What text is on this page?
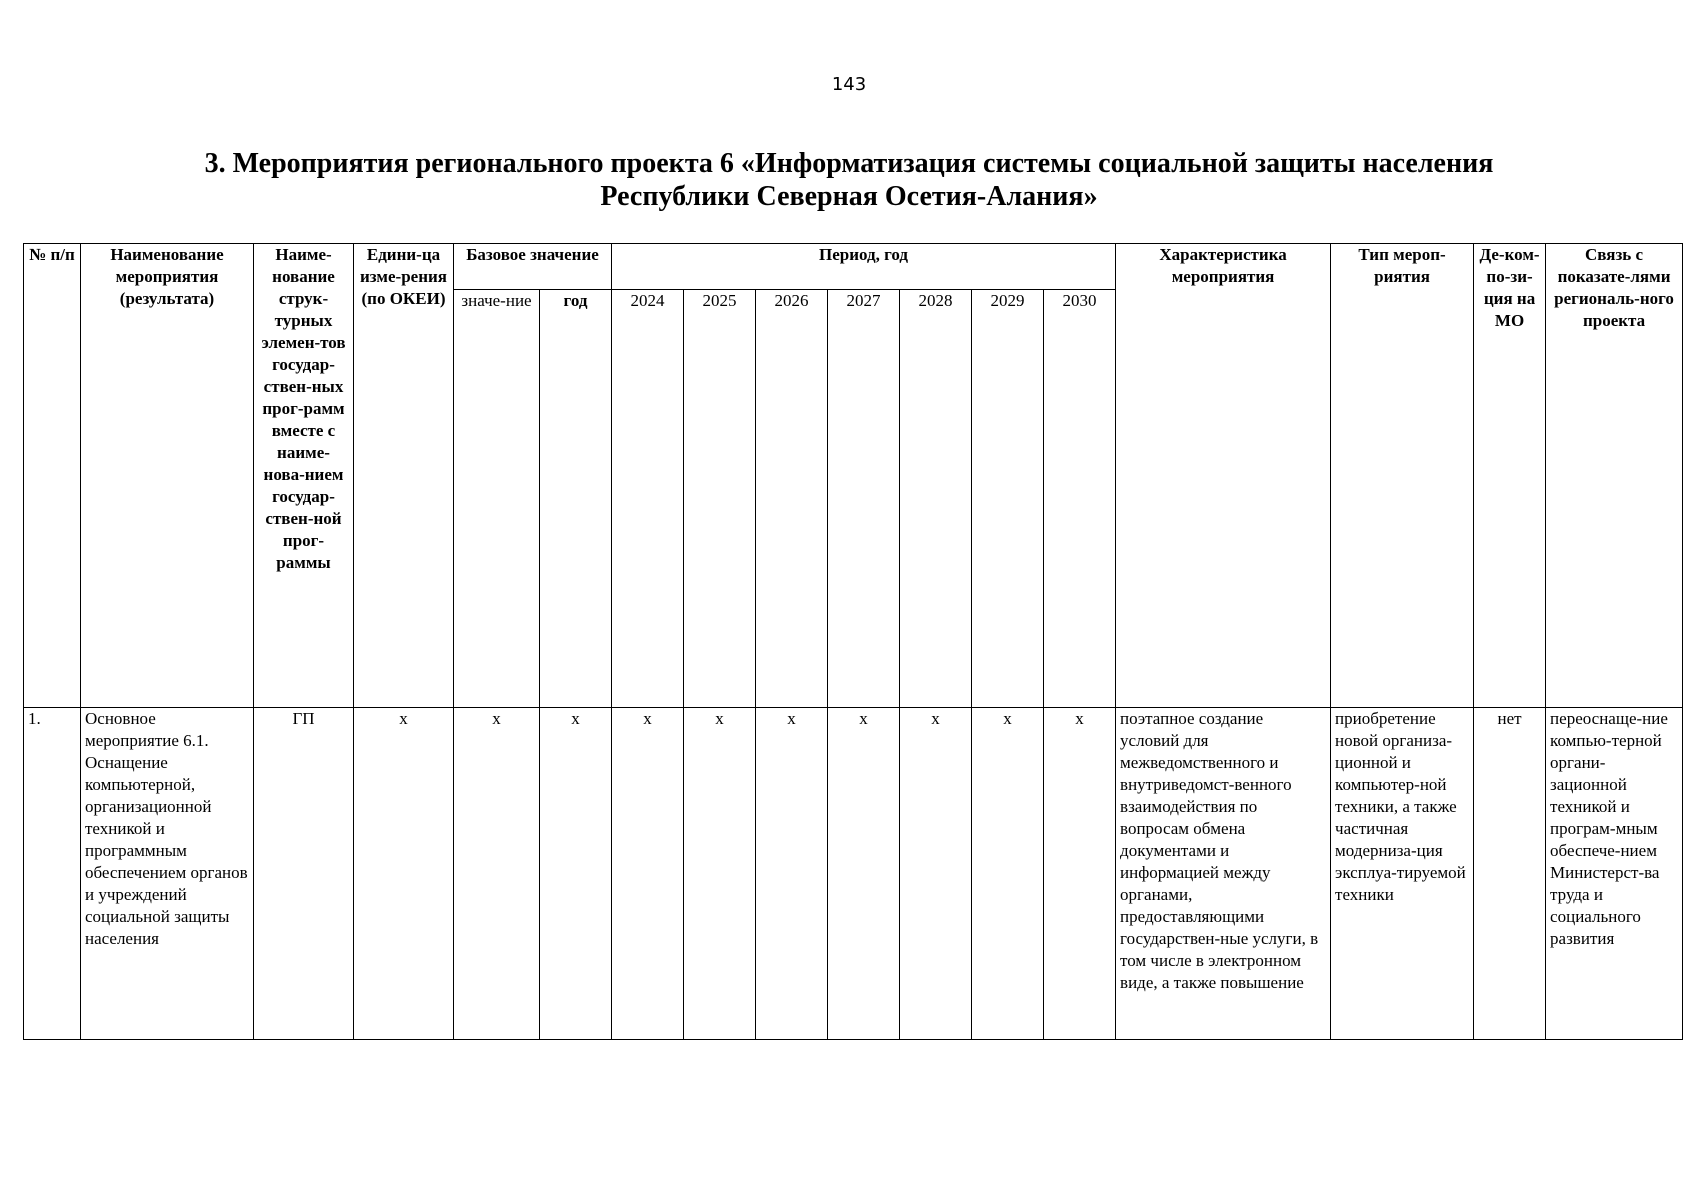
143
3. Мероприятия регионального проекта 6 «Информатизация системы социальной защиты населения
Республики Северная Осетия-Алания»
№ п/п	Наименование мероприятия (результата)	Наиме-нование струк-турных элемен-тов государ-ствен-ных прог-рамм вместе с наиме-нова-нием государ-ствен-ной прог-раммы	Едини-ца изме-рения (по ОКЕИ)	Базовое значение		Период, год							Характеристика мероприятия	Тип мероп-риятия	Де-ком-по-зи-ция на МО	Связь с показате-лями региональ-ного проекта
				значе-ние	год	2024	2025	2026	2027	2028	2029	2030				
1.	Основное мероприятие 6.1. Оснащение компьютерной, организационной техникой и программным обеспечением органов и учреждений социальной защиты населения	ГП	х	х	х	х	х	х	х	х	х	х	поэтапное создание условий для межведомственного и внутриведомст-венного взаимодействия по вопросам обмена документами и информацией между органами, предоставляющими государствен-ные услуги, в том числе в электронном виде, а также повышение	приобретение новой организа-ционной и компьютер-ной техники, а также частичная модерниза-ция эксплуа-тируемой техники	нет	переоснаще-ние компью-терной органи-зационной техникой и програм-мным обеспече-нием Министерст-ва труда и социального развития
